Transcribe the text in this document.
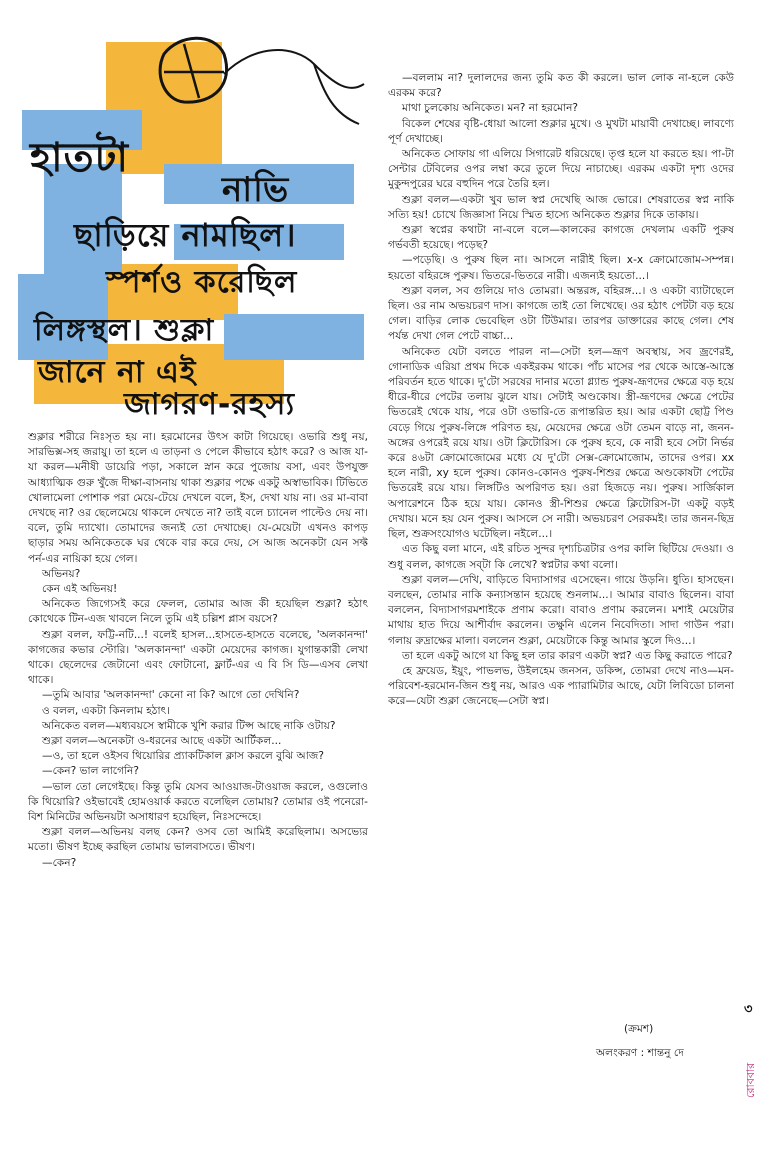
হাতটা
নাভি
ছাড়িয়ে নামছিল।
স্পর্শও করেছিল
লিঙ্গস্থল। শুক্লা
জানে না এই
জাগরণ-রহস্য

শুক্লার শরীরে নিঃসৃত হয় না। হরমোনের উৎস কাটা গিয়েছে। ওভারি শুধু নয়, সারভিক্স-সহ জরায়ু। তা হলে এ তাড়না ও পেলে কীভাবে হঠাৎ করে? ও আজ যা-যা করল—মনীষী ডায়েরি পড়া, সকালে স্নান করে পুজোয় বসা, এবং উপযুক্ত আধ্যাত্মিক গুরু খুঁজে দীক্ষা-বাসনায় থাকা শুক্লার পক্ষে একটু অস্বাভাবিক। টিভিতে খোলামেলা পোশাক পরা মেয়ে-টেয়ে দেখলে বলে, ইস, দেখা যায় না। ওর মা-বাবা দেখছে না? ওর ছেলেমেয়ে থাকলে দেখতে না? তাই বলে চ্যানেল পাল্টেও দেয় না। বলে, তুমি দ্যাখো। তোমাদের জন্যই তো দেখাচ্ছে। যে-মেয়েটা এখনও কাপড় ছাড়ার সময় অনিকেতকে ঘর থেকে বার করে দেয়, সে আজ অনেকটা যেন সফ্ট পর্ন-এর নায়িকা হয়ে গেল।

অভিনয়?

কেন এই অভিনয়!

অনিকেত জিগ্যেসই করে ফেলল, তোমার আজ কী হয়েছিল শুক্লা? হঠাৎ কোথেকে টিন-এজ খাবলে নিলে তুমি এই চল্লিশ প্লাস বয়সে?

শুক্লা বলল, ফট্টি-নটি...! বলেই হাসল...হাসতে-হাসতে বলেছে, 'অলকানন্দা' কাগজের কভার স্টোরি। 'অলকানন্দা' একটা মেয়েদের কাগজ। যুগান্তকারী লেখা থাকে। ছেলেদের জেটানো এবং ফোটানো, ফ্লার্ট-এর এ বি সি ডি—এসব লেখা থাকে।

—তুমি আবার 'অলকানন্দা' কেনো না কি? আগে তো দেখিনি?

ও বলল, একটা কিনলাম হঠাৎ।

অনিকেত বলল—মধ্যবয়সে স্বামীকে খুশি করার টিপ্স আছে নাকি ওটায়?

শুক্লা বলল—অনেকটা ও-ধরনের আছে একটা আর্টিকল...

—ও, তা হলে ওইসব থিয়োরির প্র্যাকটিকাল ক্লাস করলে বুঝি আজ?

—কেন? ভাল লাগেনি?

—ভাল তো লেগেইছে। কিন্তু তুমি যেসব আওয়াজ-টাওয়াজ করলে, ওগুলোও কি থিয়োরি? ওইভাবেই হোমওয়ার্ক করতে বলেছিল তোমায়? তোমার ওই পনেরো-বিশ মিনিটের অভিনয়টা অসাধারণ হয়েছিল, নিঃসন্দেহে।

শুক্লা বলল—অভিনয় বলছ কেন? ওসব তো আমিই করেছিলাম। অসভ্যের মতো। ভীষণ ইচ্ছে করছিল তোমায় ভালবাসতে। ভীষণ।

—কেন?

—বললাম না? দুলালদের জন্য তুমি কত কী করলে। ভাল লোক না-হলে কেউ এরকম করে?

মাথা চুলকোয় অনিকেত। মন? না হরমোন?

বিকেল শেষের বৃষ্টি-ধোয়া আলো শুক্লার মুখে। ও মুখটা মায়াবী দেখাচ্ছে। লাবণ্যে পূর্ণ দেখাচ্ছে।

অনিকেত সোফায় গা এলিয়ে সিগারেট ধরিয়েছে। তৃপ্ত হলে যা করতে হয়। পা-টা সেন্টার টেবিলের ওপর লম্বা করে তুলে দিয়ে নাচাচ্ছে। এরকম একটা দৃশ্য ওদের মুকুন্দপুরের ঘরে বহুদিন পরে তৈরি হল।

শুক্লা বলল—একটা খুব ভাল স্বপ্ন দেখেছি আজ ভোরে। শেষরাতের স্বপ্ন নাকি সত্যি হয়! চোখে জিজ্ঞাসা নিয়ে স্মিত হাস্যে অনিকেত শুক্লার দিকে তাকায়।

শুক্লা স্বপ্নের কথাটা না-বলে বলে—কালকের কাগজে দেখলাম একটি পুরুষ গর্ভবতী হয়েছে। পড়েছ?

—পড়েছি। ও পুরুষ ছিল না। আসলে নারীই ছিল। x-x ক্রোমোজোম-সম্পন্ন। হয়তো বহিরঙ্গে পুরুষ। ভিতরে-ভিতরে নারী। এজন্যই হয়তো...।

শুক্লা বলল, সব গুলিয়ে দাও তোমরা। অন্তরঙ্গ, বহিরঙ্গ...। ও একটা ব্যাটাছেলে ছিল। ওর নাম অভয়চরণ দাস। কাগজে তাই তো লিখেছে। ওর হঠাৎ পেটটা বড় হয়ে গেল। বাড়ির লোক ভেবেছিল ওটা টিউমার। তারপর ডাক্তারের কাছে গেল। শেষ পর্যন্ত দেখা গেল পেটে বাচ্চা...

অনিকেত যেটা বলতে পারল না—সেটা হল—ভ্রূণ অবস্থায়, সব জ্রণেরই, গোনাডিক এরিয়া প্রথম দিকে একইরকম থাকে। পাঁচ মাসের পর থেকে আস্তে-আস্তে পরিবর্তন হতে থাকে। দু'টো সরষের দানার মতো গ্ল্যান্ড পুরুষ-ভ্রূণদের ক্ষেত্রে বড় হয়ে ধীরে-ধীরে পেটের তলায় ঝুলে যায়। সেটাই অণ্ডকোষ। স্ত্রী-ভ্রূণদের ক্ষেত্রে পেটের ভিতরেই থেকে যায়, পরে ওটা ওভারি-তে রূপান্তরিত হয়। আর একটা ছোট্ট পিণ্ড বেড়ে গিয়ে পুরুষ-লিঙ্গে পরিণত হয়, মেয়েদের ক্ষেত্রে ওটা তেমন বাড়ে না, জনন-অঙ্গের ওপরেই রয়ে যায়। ওটা ক্লিটোরিস। কে পুরুষ হবে, কে নারী হবে সেটা নির্ভর করে ৪৬টা ক্রোমোজোমের মধ্যে যে দু'টো সেক্স-ক্রোমোজোম, তাদের ওপর। xx হলে নারী, xy হলে পুরুষ। কোনও-কোনও পুরুষ-শিশুর ক্ষেত্রে অণ্ডকোষটা পেটের ভিতরেই রয়ে যায়। লিঙ্গটিও অপরিণত হয়। ওরা হিজড়ে নয়। পুরুষ। সার্জিকাল অপারেশনে ঠিক হয়ে যায়। কোনও স্ত্রী-শিশুর ক্ষেত্রে ক্লিটোরিস-টা একটু বড়ই দেখায়। মনে হয় যেন পুরুষ। আসলে সে নারী। অভয়চরণ সেরকমই। তার জনন-ছিদ্র ছিল, শুক্রসংযোগও ঘটেছিল। নইলে...।

এত কিছু বলা মানে, এই রচিত সুন্দর দৃশ্যচিত্রটার ওপর কালি ছিটিয়ে দেওয়া। ও শুধু বলল, কাগজে সব্টা কি লেখে? স্বপ্নটার কথা বলো।

শুক্লা বলল—দেখি, বাড়িতে বিদ্যাসাগর এসেছেন। গায়ে উড়নি। ধুতি। হাসছেন। বলছেন, তোমার নাকি কন্যাসন্তান হয়েছে শুনলাম...। আমার বাবাও ছিলেন। বাবা বললেন, বিদ্যাসাগরমশাইকে প্রণাম করো। বাবাও প্রণাম করলেন। মশাই মেয়েটার মাথায় হাত দিয়ে আশীর্বাদ করলেন। তক্ষুনি এলেন নিবেদিতা। সাদা গাউন পরা। গলায় রুদ্রাক্ষের মালা। বললেন শুক্লা, মেয়েটাকে কিন্তু আমার স্কুলে দিও...।

তা হলে একটু আগে যা কিছু হল তার কারণ একটা স্বপ্ন? এত কিছু করাতে পারে?

হে ফ্রয়েড, ইয়ুং, পাভলভ, উইলহেম জনসন, ডকিন্স, তোমরা দেখে নাও—মন-পরিবেশ-হরমোন-জিন শুধু নয়, আরও এক প্যারামিটার আছে, যেটা লিবিডো চালনা করে—যেটা শুক্লা জেনেছে—সেটা স্বপ্ন।

(ক্রমশ)
অলংকরণ : শান্তনু দে
৩
রোববার
